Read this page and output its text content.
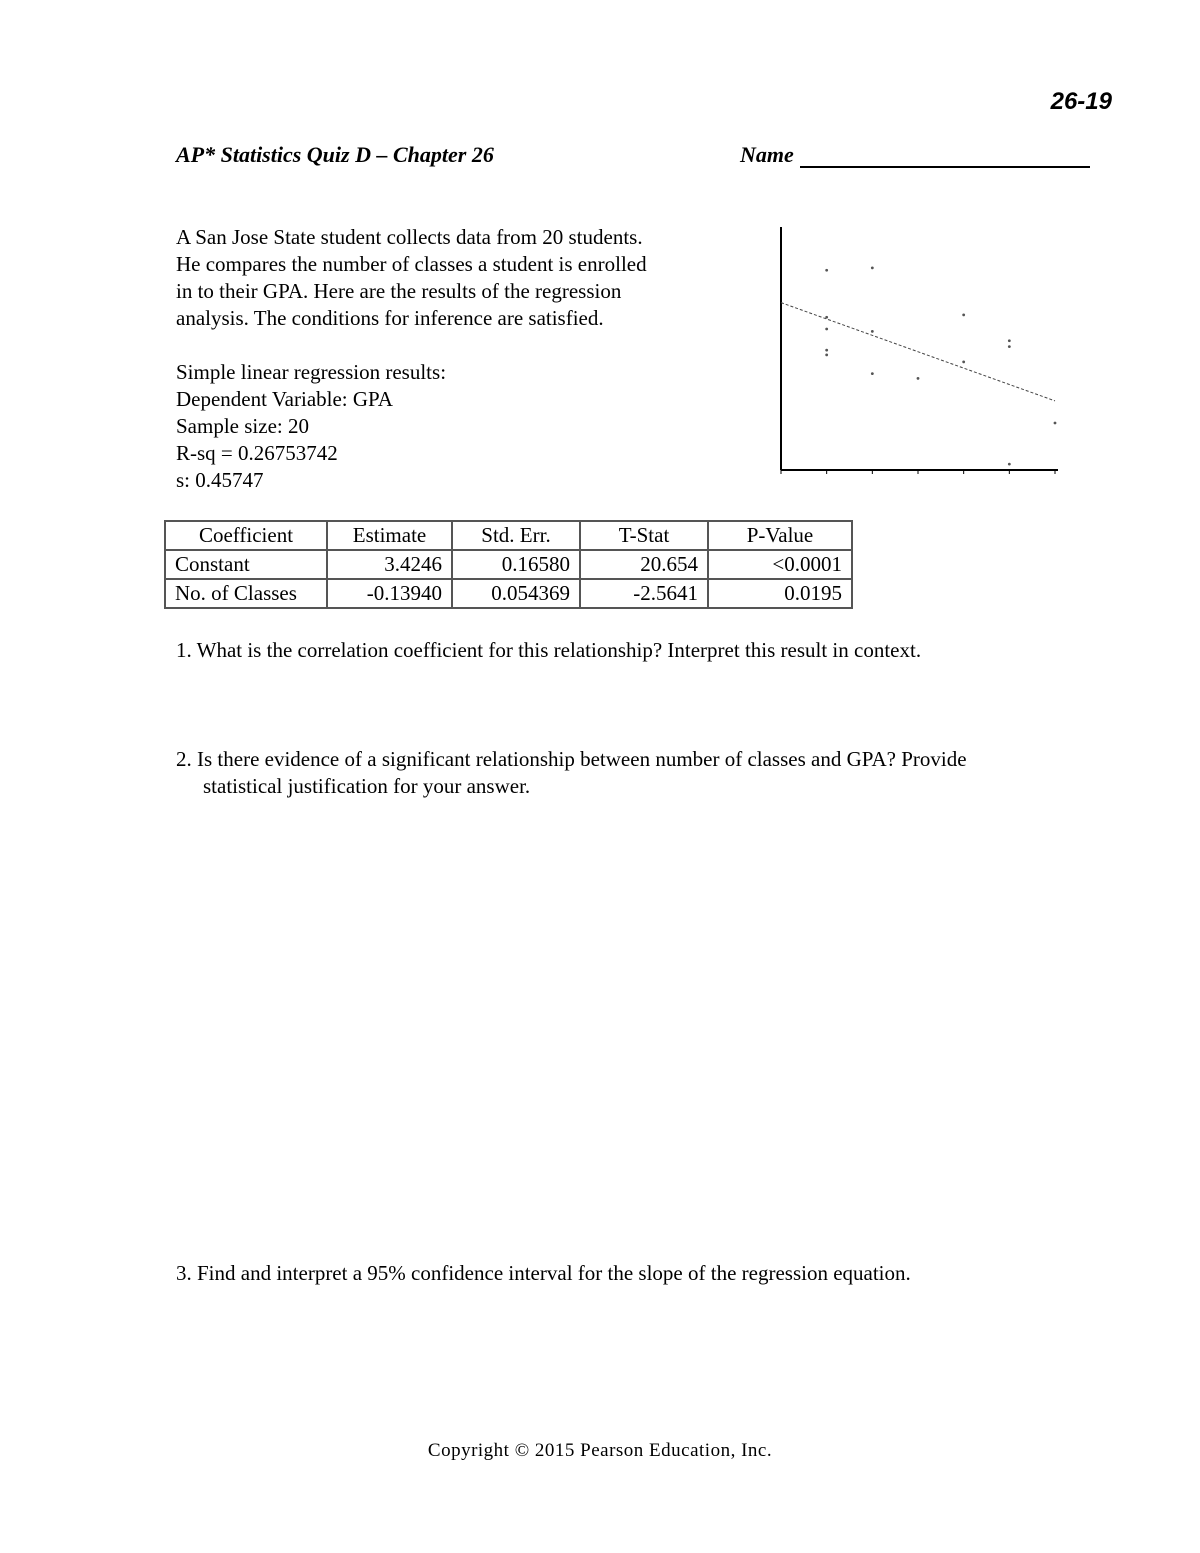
26-19
AP* Statistics Quiz D – Chapter 26	Name
A San Jose State student collects data from 20 students.
He compares the number of classes a student is enrolled
in to their GPA. Here are the results of the regression
analysis. The conditions for inference are satisfied.
Simple linear regression results:
Dependent Variable: GPA
Sample size: 20
R-sq = 0.26753742
s: 0.45747
Coefficient	Estimate	Std. Err.	T-Stat	P-Value
Constant	3.4246	0.16580	20.654	<0.0001
No. of Classes	-0.13940	0.054369	-2.5641	0.0195
1. What is the correlation coefficient for this relationship? Interpret this result in context.
2. Is there evidence of a significant relationship between number of classes and GPA? Provide
statistical justification for your answer.
3. Find and interpret a 95% confidence interval for the slope of the regression equation.
Copyright © 2015 Pearson Education, Inc.
